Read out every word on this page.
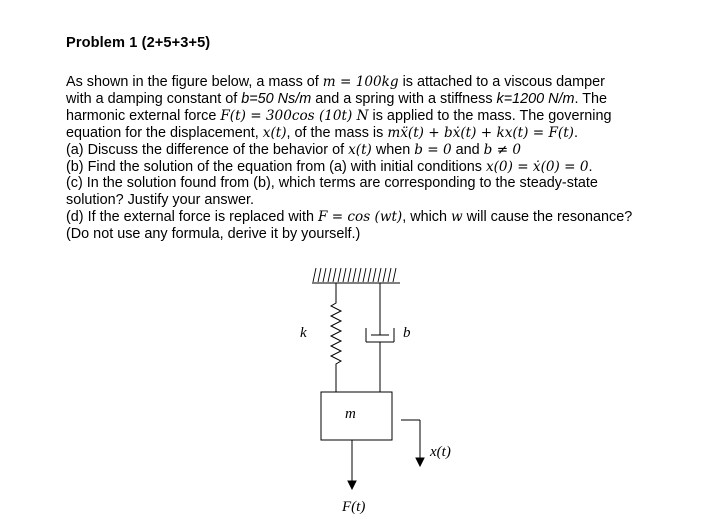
Problem 1 (2+5+3+5)
As shown in the figure below, a mass of m = 100kg is attached to a viscous damper
with a damping constant of b=50 Ns/m and a spring with a stiffness k=1200 N/m. The
harmonic external force F(t) = 300cos (10t) N is applied to the mass. The governing
equation for the displacement, x(t), of the mass is mẍ(t) + bẋ(t) + kx(t) = F(t).
(a) Discuss the difference of the behavior of x(t) when b = 0 and b ≠ 0
(b) Find the solution of the equation from (a) with initial conditions x(0) = ẋ(0) = 0.
(c) In the solution found from (b), which terms are corresponding to the steady-state
solution? Justify your answer.
(d) If the external force is replaced with F = cos (wt), which w will cause the resonance?
(Do not use any formula, derive it by yourself.)
k	b
m
x(t)
F(t)
